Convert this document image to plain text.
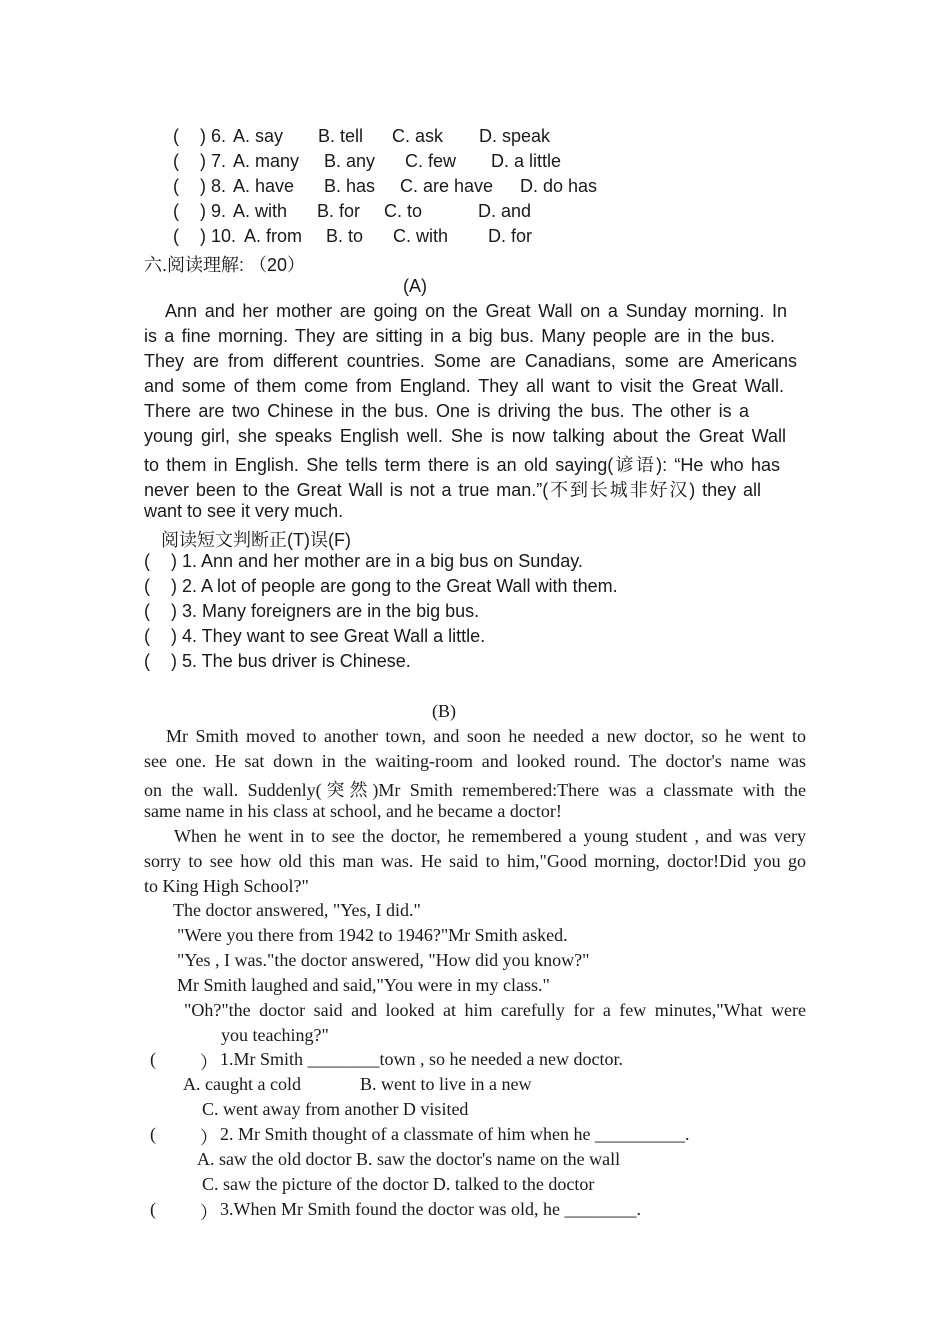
( ) 6. A. say B. tell C. ask D. speak
( ) 7. A. many B. any C. few D. a little
( ) 8. A. have B. has C. are have D. do has
( ) 9. A. with B. for C. to	D. and
( ) 10. A. from B. to C. with D. for
六.阅读理解: （20）
(A)
Ann and her mother are going on the Great Wall on a Sunday morning. In
is a fine morning. They are sitting in a big bus. Many people are in the bus.
They are from different countries. Some are Canadians, some are Americans
and some of them come from England. They all want to visit the Great Wall.
There are two Chinese in the bus. One is driving the bus. The other is a
young girl, she speaks English well. She is now talking about the Great Wall
to them in English. She tells term there is an old saying(谚语): “He who has
never been to the Great Wall is not a true man.”(不到长城非好汉) they all
want to see it very much.
阅读短文判断正(T)误(F)
( ) 1. Ann and her mother are in a big bus on Sunday.
( ) 2. A lot of people are gong to the Great Wall with them.
( ) 3. Many foreigners are in the big bus.
( ) 4. They want to see Great Wall a little.
( ) 5. The bus driver is Chinese.
(B)
Mr Smith moved to another town, and soon he needed a new doctor, so he went to
see one. He sat down in the waiting-room and looked round. The doctor's name was
on the wall. Suddenly(突然)Mr Smith remembered:There was a classmate with the
same name in his class at school, and he became a doctor!
When he went in to see the doctor, he remembered a young student , and was very
sorry to see how old this man was. He said to him,"Good morning, doctor!Did you go
to King High School?"
The doctor answered, "Yes, I did."
"Were you there from 1942 to 1946?"Mr Smith asked.
"Yes , I was."the doctor answered, "How did you know?"
Mr Smith laughed and said,"You were in my class."
"Oh?"the doctor said and looked at him carefully for a few minutes,"What were
you teaching?"
( ） 1.Mr Smith ________town , so he needed a new doctor.
A. caught a cold	B. went to live in a new
C. went away from another D visited
( ） 2. Mr Smith thought of a classmate of him when he __________.
A. saw the old doctor B. saw the doctor's name on the wall
C. saw the picture of the doctor D. talked to the doctor
( ） 3.When Mr Smith found the doctor was old, he ________.
